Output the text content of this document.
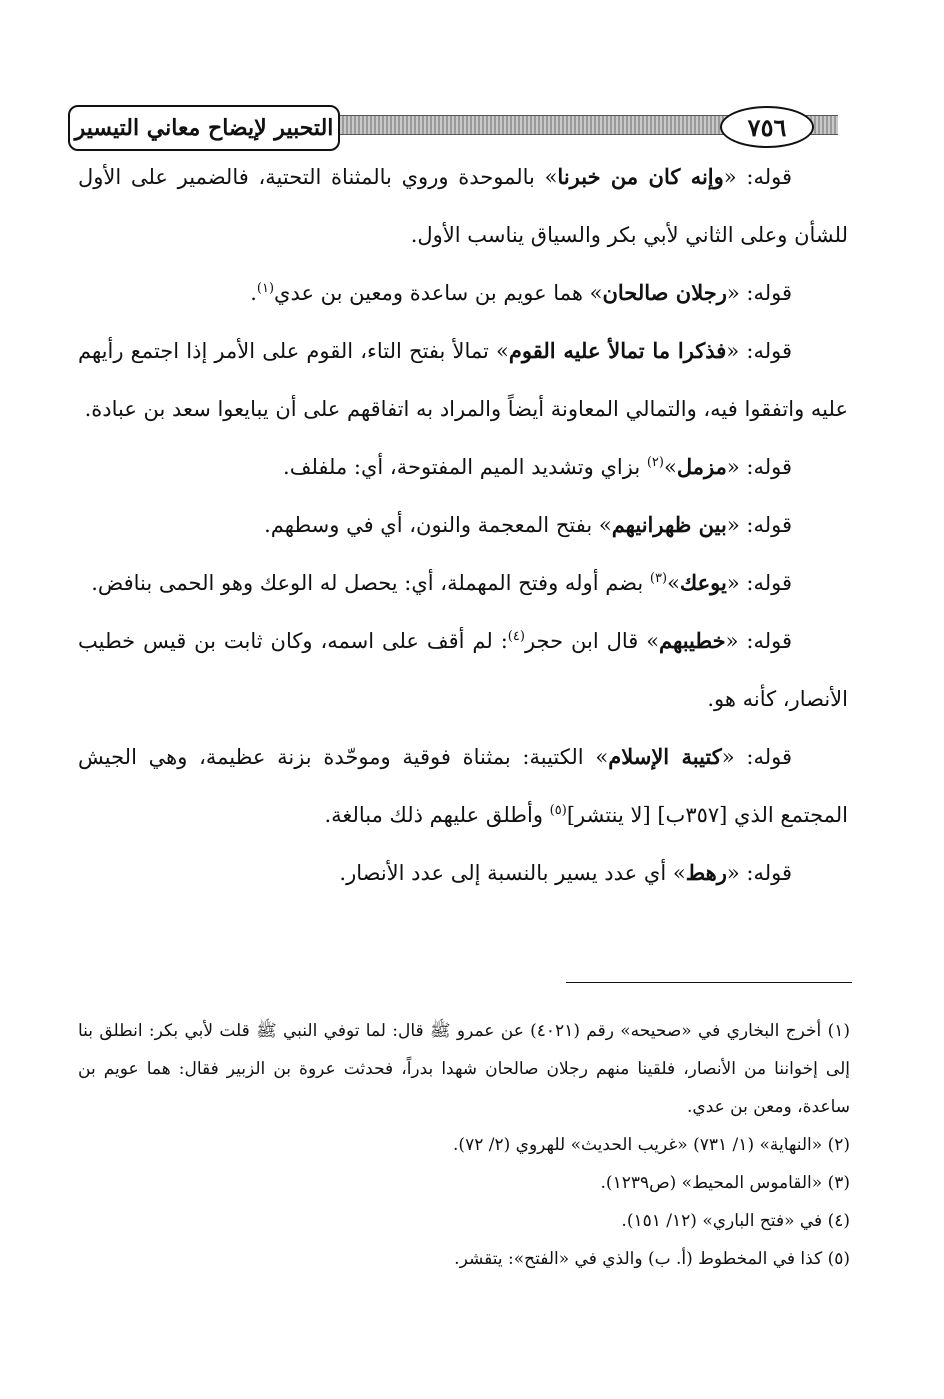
التحبير لإيضاح معاني التيسير	٧٥٦

قوله: «وإنه كان من خبرنا» بالموحدة وروي بالمثناة التحتية، فالضمير على الأول للشأن وعلى الثاني لأبي بكر والسياق يناسب الأول.

قوله: «رجلان صالحان» هما عويم بن ساعدة ومعين بن عدي$^{(١)}$.

قوله: «فذكرا ما تمالأ عليه القوم» تمالأ بفتح التاء، القوم على الأمر إذا اجتمع رأيهم عليه واتفقوا فيه، والتمالي المعاونة أيضاً والمراد به اتفاقهم على أن يبايعوا سعد بن عبادة.

قوله: «مزمل»$^{(٢)}$ بزاي وتشديد الميم المفتوحة، أي: ملفلف.

قوله: «بين ظهرانيهم» بفتح المعجمة والنون، أي في وسطهم.

قوله: «يوعك»$^{(٣)}$ بضم أوله وفتح المهملة، أي: يحصل له الوعك وهو الحمى بنافض.

قوله: «خطيبهم» قال ابن حجر$^{(٤)}$: لم أقف على اسمه، وكان ثابت بن قيس خطيب الأنصار، كأنه هو.

قوله: «كتيبة الإسلام» الكتيبة: بمثناة فوقية وموحّدة بزنة عظيمة، وهي الجيش المجتمع الذي [٣٥٧ب] [لا ينتشر]$^{(٥)}$ وأطلق عليهم ذلك مبالغة.

قوله: «رهط» أي عدد يسير بالنسبة إلى عدد الأنصار.

(١) أخرج البخاري في «صحيحه» رقم (٤٠٢١) عن عمرو ﷺ قال: لما توفي النبي ﷺ قلت لأبي بكر: انطلق بنا إلى إخواننا من الأنصار، فلقينا منهم رجلان صالحان شهدا بدراً، فحدثت عروة بن الزبير فقال: هما عويم بن ساعدة، ومعن بن عدي.

(٢) «النهاية» (١/ ٧٣١) «غريب الحديث» للهروي (٢/ ٧٢).

(٣) «القاموس المحيط» (ص١٢٣٩).

(٤) في «فتح الباري» (١٢/ ١٥١).

(٥) كذا في المخطوط (أ. ب) والذي في «الفتح»: يتقشر.
